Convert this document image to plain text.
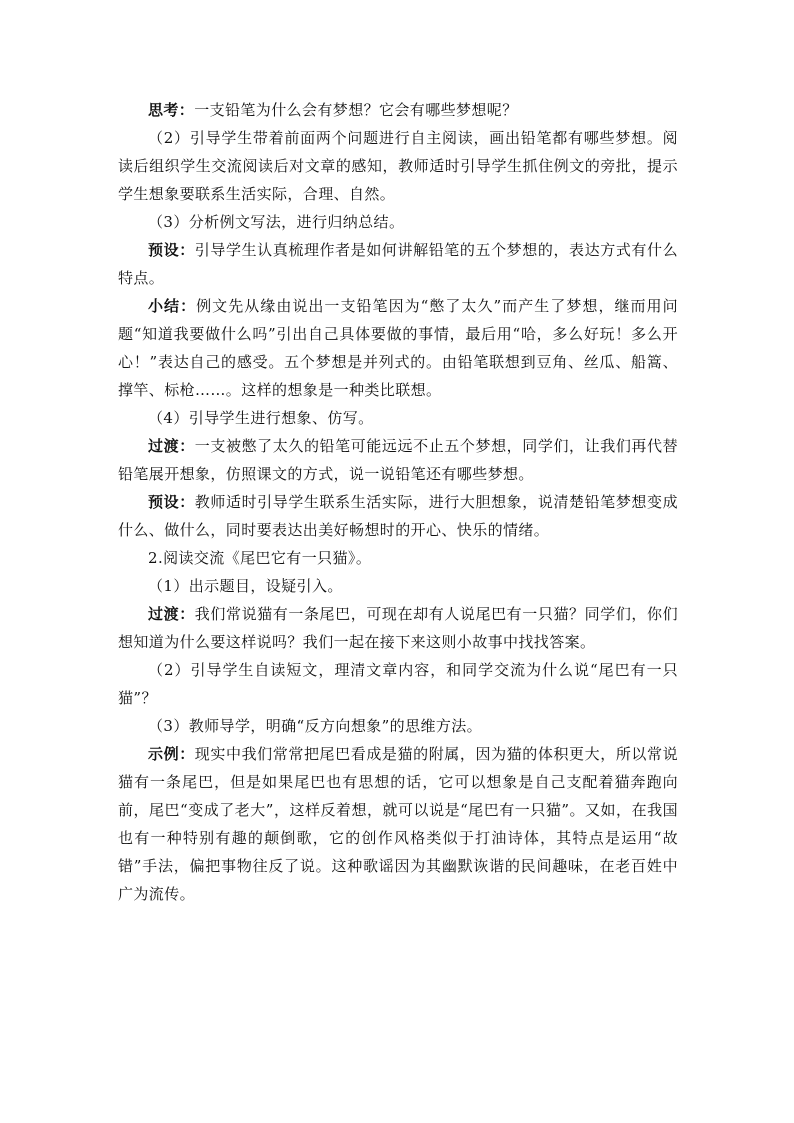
思考：一支铅笔为什么会有梦想？它会有哪些梦想呢？

（2）引导学生带着前面两个问题进行自主阅读，画出铅笔都有哪些梦想。阅读后组织学生交流阅读后对文章的感知，教师适时引导学生抓住例文的旁批，提示学生想象要联系生活实际，合理、自然。

（3）分析例文写法，进行归纳总结。

预设：引导学生认真梳理作者是如何讲解铅笔的五个梦想的，表达方式有什么特点。

小结：例文先从缘由说出一支铅笔因为“憋了太久”而产生了梦想，继而用问题“知道我要做什么吗”引出自己具体要做的事情，最后用“哈，多么好玩！多么开心！”表达自己的感受。五个梦想是并列式的。由铅笔联想到豆角、丝瓜、船篙、撑竿、标枪……。这样的想象是一种类比联想。

（4）引导学生进行想象、仿写。

过渡：一支被憋了太久的铅笔可能远远不止五个梦想，同学们，让我们再代替铅笔展开想象，仿照课文的方式，说一说铅笔还有哪些梦想。

预设：教师适时引导学生联系生活实际，进行大胆想象，说清楚铅笔梦想变成什么、做什么，同时要表达出美好畅想时的开心、快乐的情绪。

2.阅读交流《尾巴它有一只猫》。

（1）出示题目，设疑引入。

过渡：我们常说猫有一条尾巴，可现在却有人说尾巴有一只猫？同学们，你们想知道为什么要这样说吗？我们一起在接下来这则小故事中找找答案。

（2）引导学生自读短文，理清文章内容，和同学交流为什么说“尾巴有一只猫”？

（3）教师导学，明确“反方向想象”的思维方法。

示例：现实中我们常常把尾巴看成是猫的附属，因为猫的体积更大，所以常说猫有一条尾巴，但是如果尾巴也有思想的话，它可以想象是自己支配着猫奔跑向前，尾巴“变成了老大”，这样反着想，就可以说是“尾巴有一只猫”。又如，在我国也有一种特别有趣的颠倒歌，它的创作风格类似于打油诗体，其特点是运用“故错”手法，偏把事物往反了说。这种歌谣因为其幽默诙谐的民间趣味，在老百姓中广为流传。
